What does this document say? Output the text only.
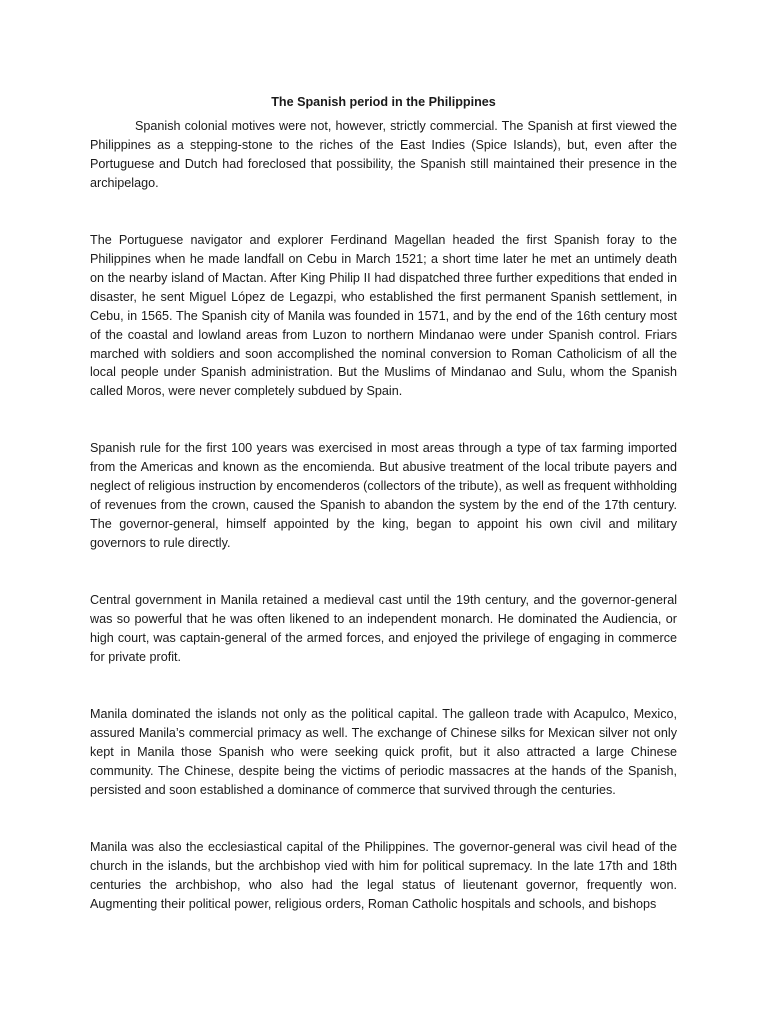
The Spanish period in the Philippines

Spanish colonial motives were not, however, strictly commercial. The Spanish at first viewed the Philippines as a stepping-stone to the riches of the East Indies (Spice Islands), but, even after the Portuguese and Dutch had foreclosed that possibility, the Spanish still maintained their presence in the archipelago.

The Portuguese navigator and explorer Ferdinand Magellan headed the first Spanish foray to the Philippines when he made landfall on Cebu in March 1521; a short time later he met an untimely death on the nearby island of Mactan. After King Philip II had dispatched three further expeditions that ended in disaster, he sent Miguel López de Legazpi, who established the first permanent Spanish settlement, in Cebu, in 1565. The Spanish city of Manila was founded in 1571, and by the end of the 16th century most of the coastal and lowland areas from Luzon to northern Mindanao were under Spanish control. Friars marched with soldiers and soon accomplished the nominal conversion to Roman Catholicism of all the local people under Spanish administration. But the Muslims of Mindanao and Sulu, whom the Spanish called Moros, were never completely subdued by Spain.

Spanish rule for the first 100 years was exercised in most areas through a type of tax farming imported from the Americas and known as the encomienda. But abusive treatment of the local tribute payers and neglect of religious instruction by encomenderos (collectors of the tribute), as well as frequent withholding of revenues from the crown, caused the Spanish to abandon the system by the end of the 17th century. The governor-general, himself appointed by the king, began to appoint his own civil and military governors to rule directly.

Central government in Manila retained a medieval cast until the 19th century, and the governor-general was so powerful that he was often likened to an independent monarch. He dominated the Audiencia, or high court, was captain-general of the armed forces, and enjoyed the privilege of engaging in commerce for private profit.

Manila dominated the islands not only as the political capital. The galleon trade with Acapulco, Mexico, assured Manila’s commercial primacy as well. The exchange of Chinese silks for Mexican silver not only kept in Manila those Spanish who were seeking quick profit, but it also attracted a large Chinese community. The Chinese, despite being the victims of periodic massacres at the hands of the Spanish, persisted and soon established a dominance of commerce that survived through the centuries.

Manila was also the ecclesiastical capital of the Philippines. The governor-general was civil head of the church in the islands, but the archbishop vied with him for political supremacy. In the late 17th and 18th centuries the archbishop, who also had the legal status of lieutenant governor, frequently won. Augmenting their political power, religious orders, Roman Catholic hospitals and schools, and bishops
